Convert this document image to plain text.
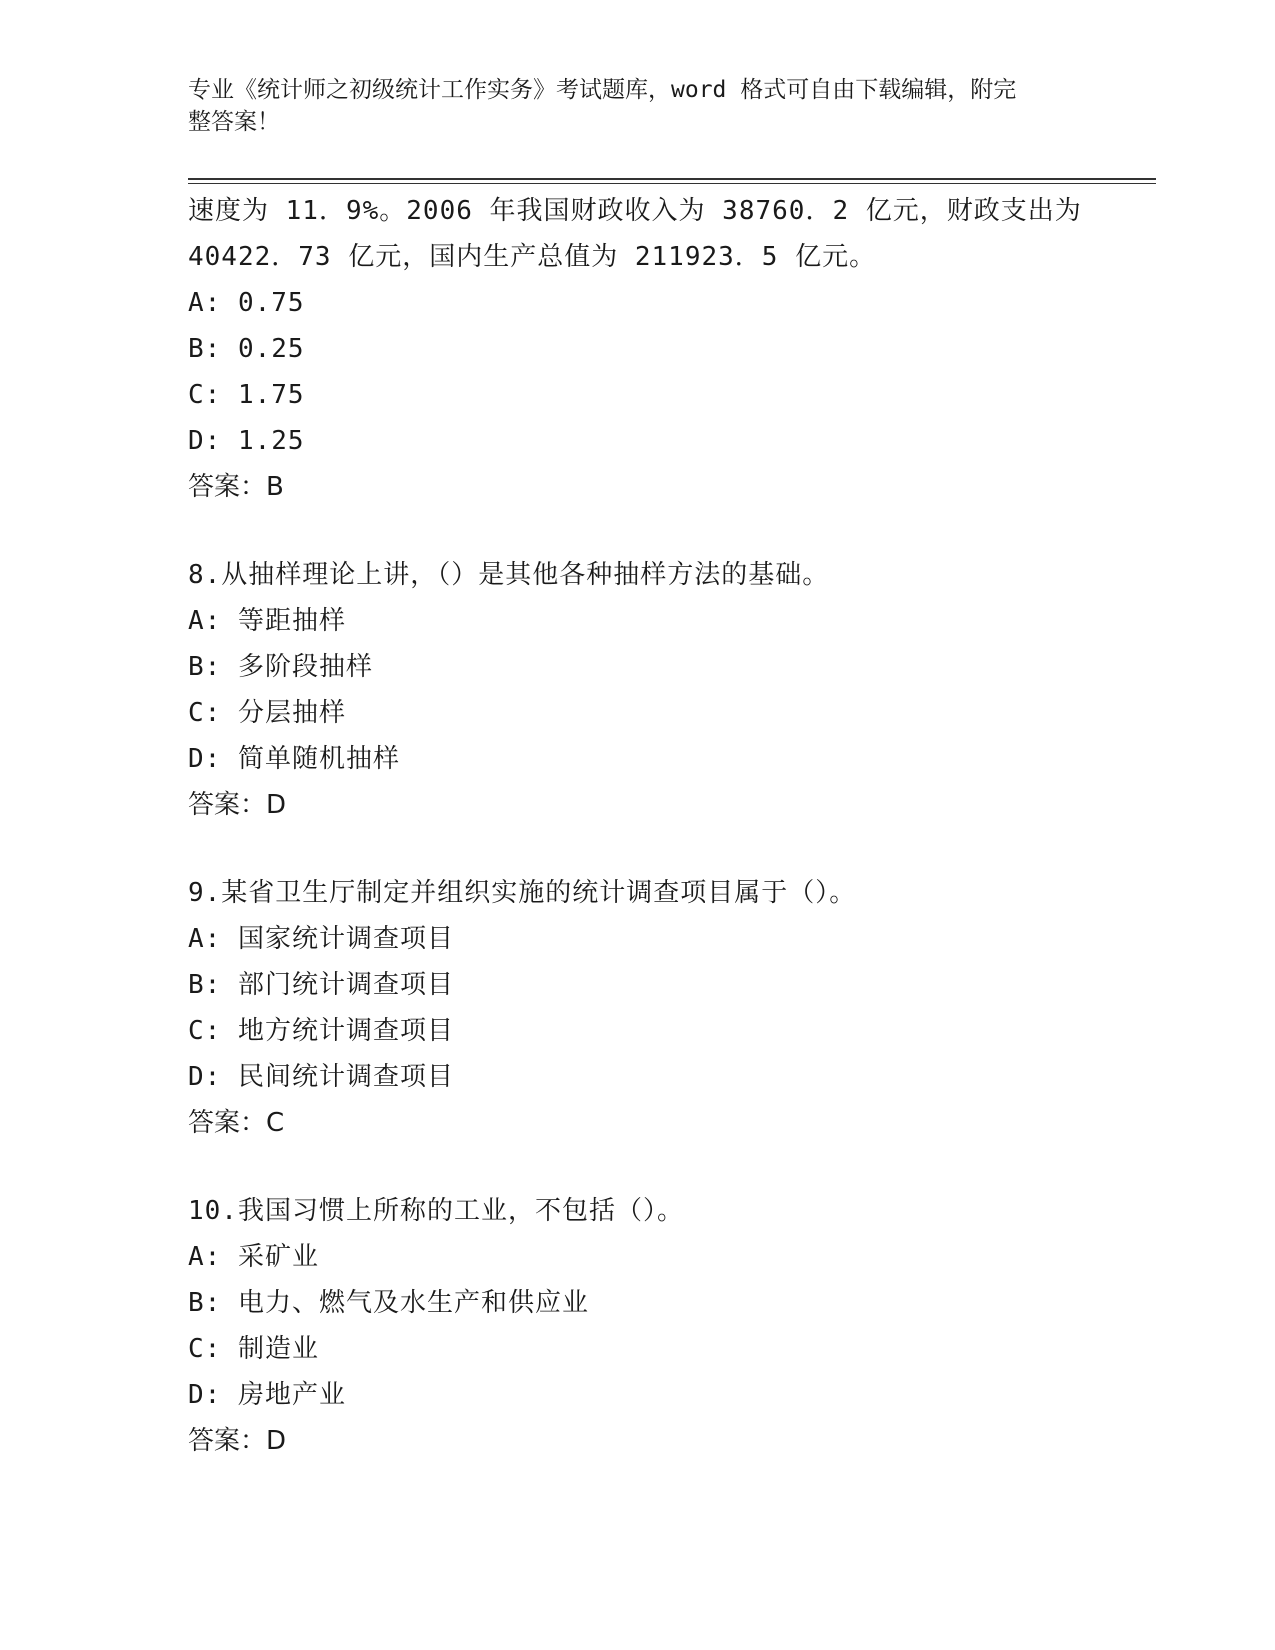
专业《统计师之初级统计工作实务》考试题库，word 格式可自由下载编辑，附完
整答案！
速度为 11．9%。2006 年我国财政收入为 38760．2 亿元，财政支出为
40422．73 亿元，国内生产总值为 211923．5 亿元。
A: 0.75
B: 0.25
C: 1.75
D: 1.25
答案：B
8.从抽样理论上讲，（）是其他各种抽样方法的基础。
A: 等距抽样
B: 多阶段抽样
C: 分层抽样
D: 简单随机抽样
答案：D
9.某省卫生厅制定并组织实施的统计调查项目属于（）。
A: 国家统计调查项目
B: 部门统计调查项目
C: 地方统计调查项目
D: 民间统计调查项目
答案：C
10.我国习惯上所称的工业，不包括（）。
A: 采矿业
B: 电力、燃气及水生产和供应业
C: 制造业
D: 房地产业
答案：D
